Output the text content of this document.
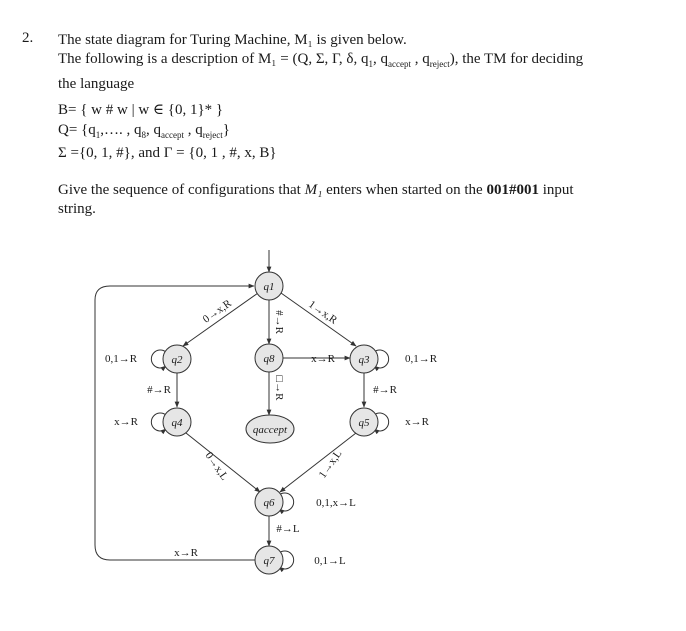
2. The state diagram for Turing Machine, M₁ is given below.
The following is a description of M₁ = (Q, Σ, Γ, δ, $q_1$, $q_{accept}$ , $q_{reject}$), the TM for deciding
the language
B= { w # w | w ∈ {0, 1}* }
$Q= \{q_1,\dots$. , $q_8$, $q_{accept}$ , $q_{reject}$}
Σ ={0, 1, #}, and Γ = {0, 1 , #, x, B}
Give the sequence of configurations that M₁ enters when started on the 001#001 input
string.
q1
q2	q8	q3
q4
qaccept
q5
q6
q7
0→x,R	1→x,R
#→R
x→R
□→R
0,1→R
#→R
0,1→R
#→R
x→R	x→R
0→x,L	1→x,L
0,1,x→L
#→L
0,1→L
x→R
